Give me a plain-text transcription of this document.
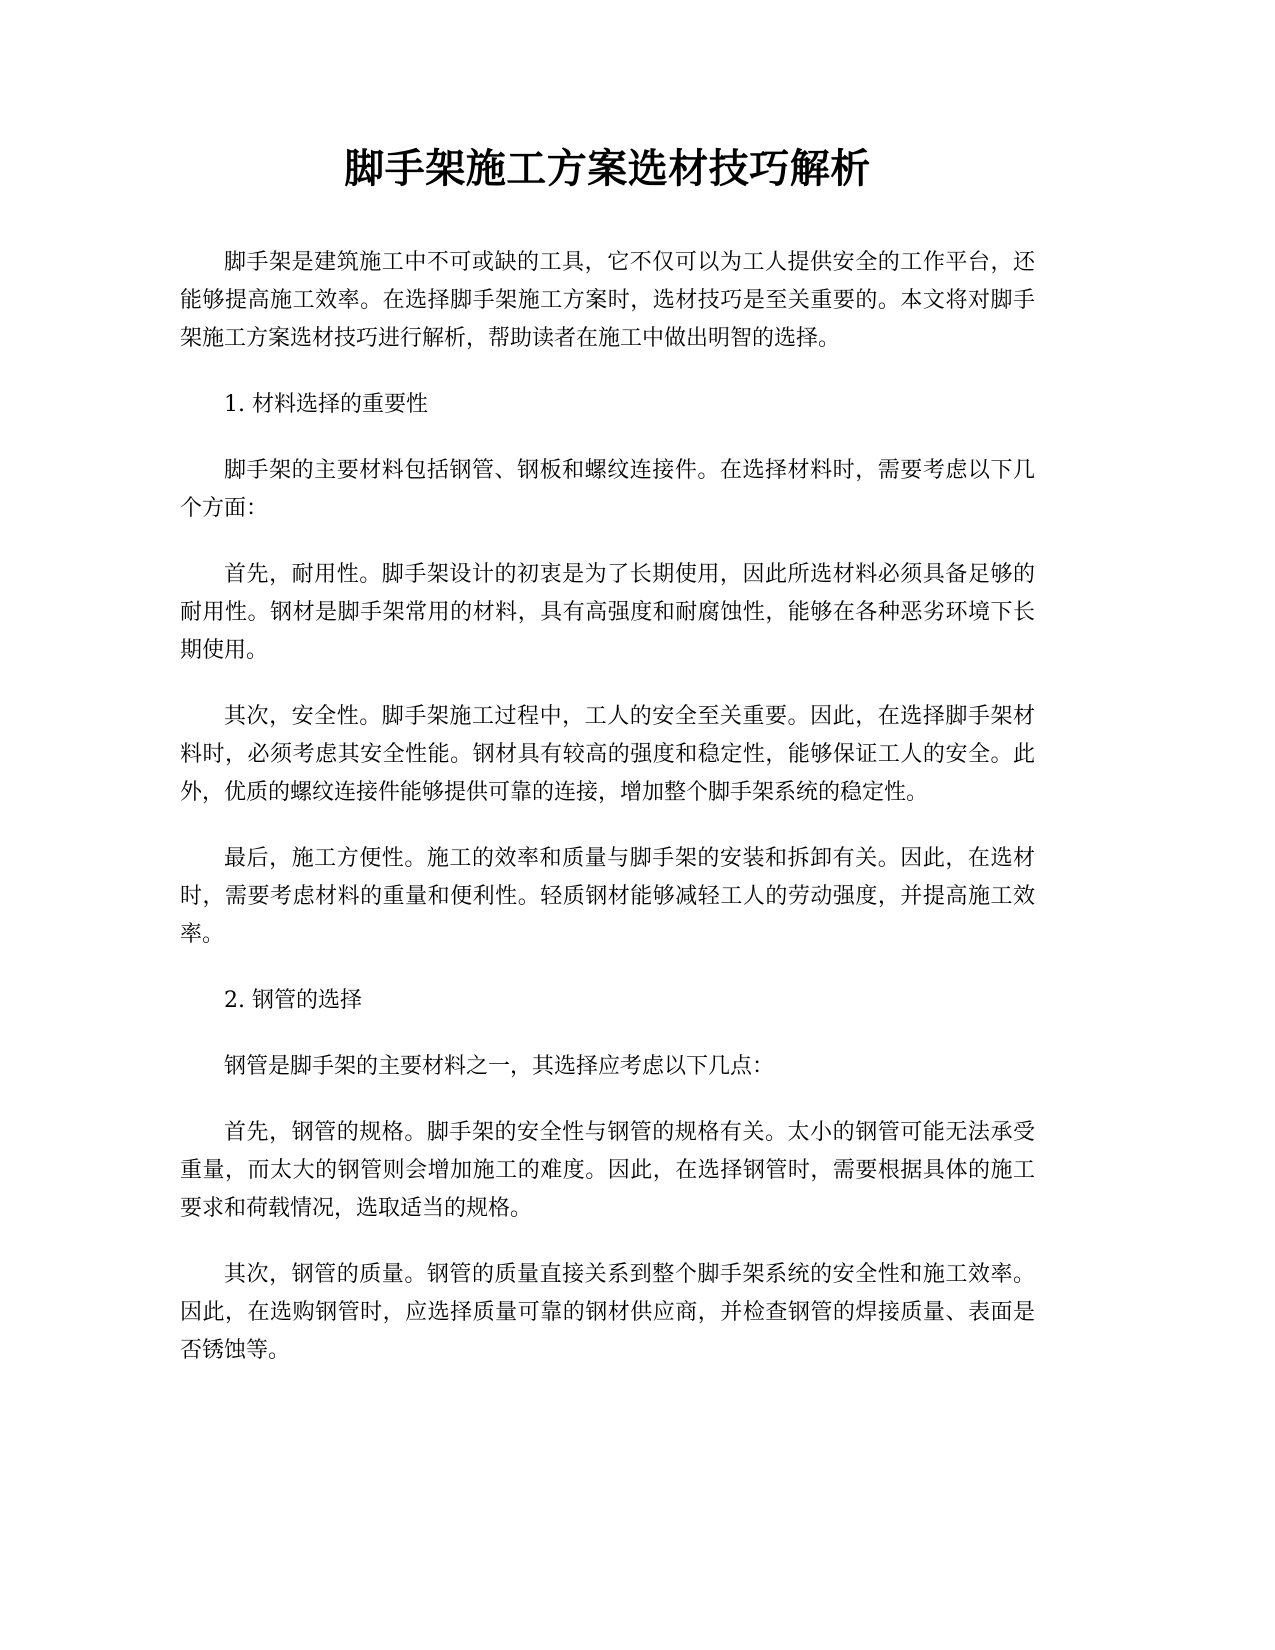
脚手架施工方案选材技巧解析

脚手架是建筑施工中不可或缺的工具，它不仅可以为工人提供安全的工作平台，还能够提高施工效率。在选择脚手架施工方案时，选材技巧是至关重要的。本文将对脚手架施工方案选材技巧进行解析，帮助读者在施工中做出明智的选择。

1. 材料选择的重要性

脚手架的主要材料包括钢管、钢板和螺纹连接件。在选择材料时，需要考虑以下几个方面：

首先，耐用性。脚手架设计的初衷是为了长期使用，因此所选材料必须具备足够的耐用性。钢材是脚手架常用的材料，具有高强度和耐腐蚀性，能够在各种恶劣环境下长期使用。

其次，安全性。脚手架施工过程中，工人的安全至关重要。因此，在选择脚手架材料时，必须考虑其安全性能。钢材具有较高的强度和稳定性，能够保证工人的安全。此外，优质的螺纹连接件能够提供可靠的连接，增加整个脚手架系统的稳定性。

最后，施工方便性。施工的效率和质量与脚手架的安装和拆卸有关。因此，在选材时，需要考虑材料的重量和便利性。轻质钢材能够减轻工人的劳动强度，并提高施工效率。

2. 钢管的选择

钢管是脚手架的主要材料之一，其选择应考虑以下几点：

首先，钢管的规格。脚手架的安全性与钢管的规格有关。太小的钢管可能无法承受重量，而太大的钢管则会增加施工的难度。因此，在选择钢管时，需要根据具体的施工要求和荷载情况，选取适当的规格。

其次，钢管的质量。钢管的质量直接关系到整个脚手架系统的安全性和施工效率。因此，在选购钢管时，应选择质量可靠的钢材供应商，并检查钢管的焊接质量、表面是否锈蚀等。
